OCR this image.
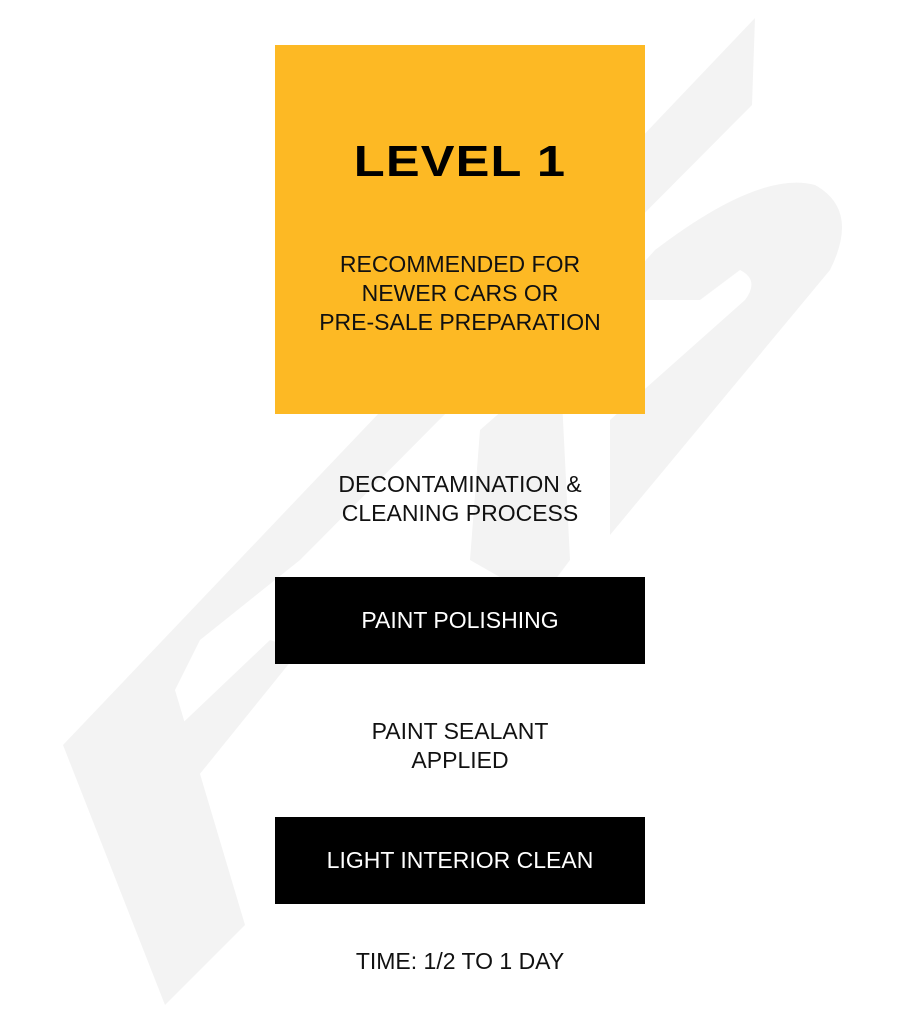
LEVEL 1
RECOMMENDED FOR
NEWER CARS OR
PRE-SALE PREPARATION
DECONTAMINATION &
CLEANING PROCESS
PAINT POLISHING
PAINT SEALANT
APPLIED
LIGHT INTERIOR CLEAN
TIME: 1/2 TO 1 DAY
